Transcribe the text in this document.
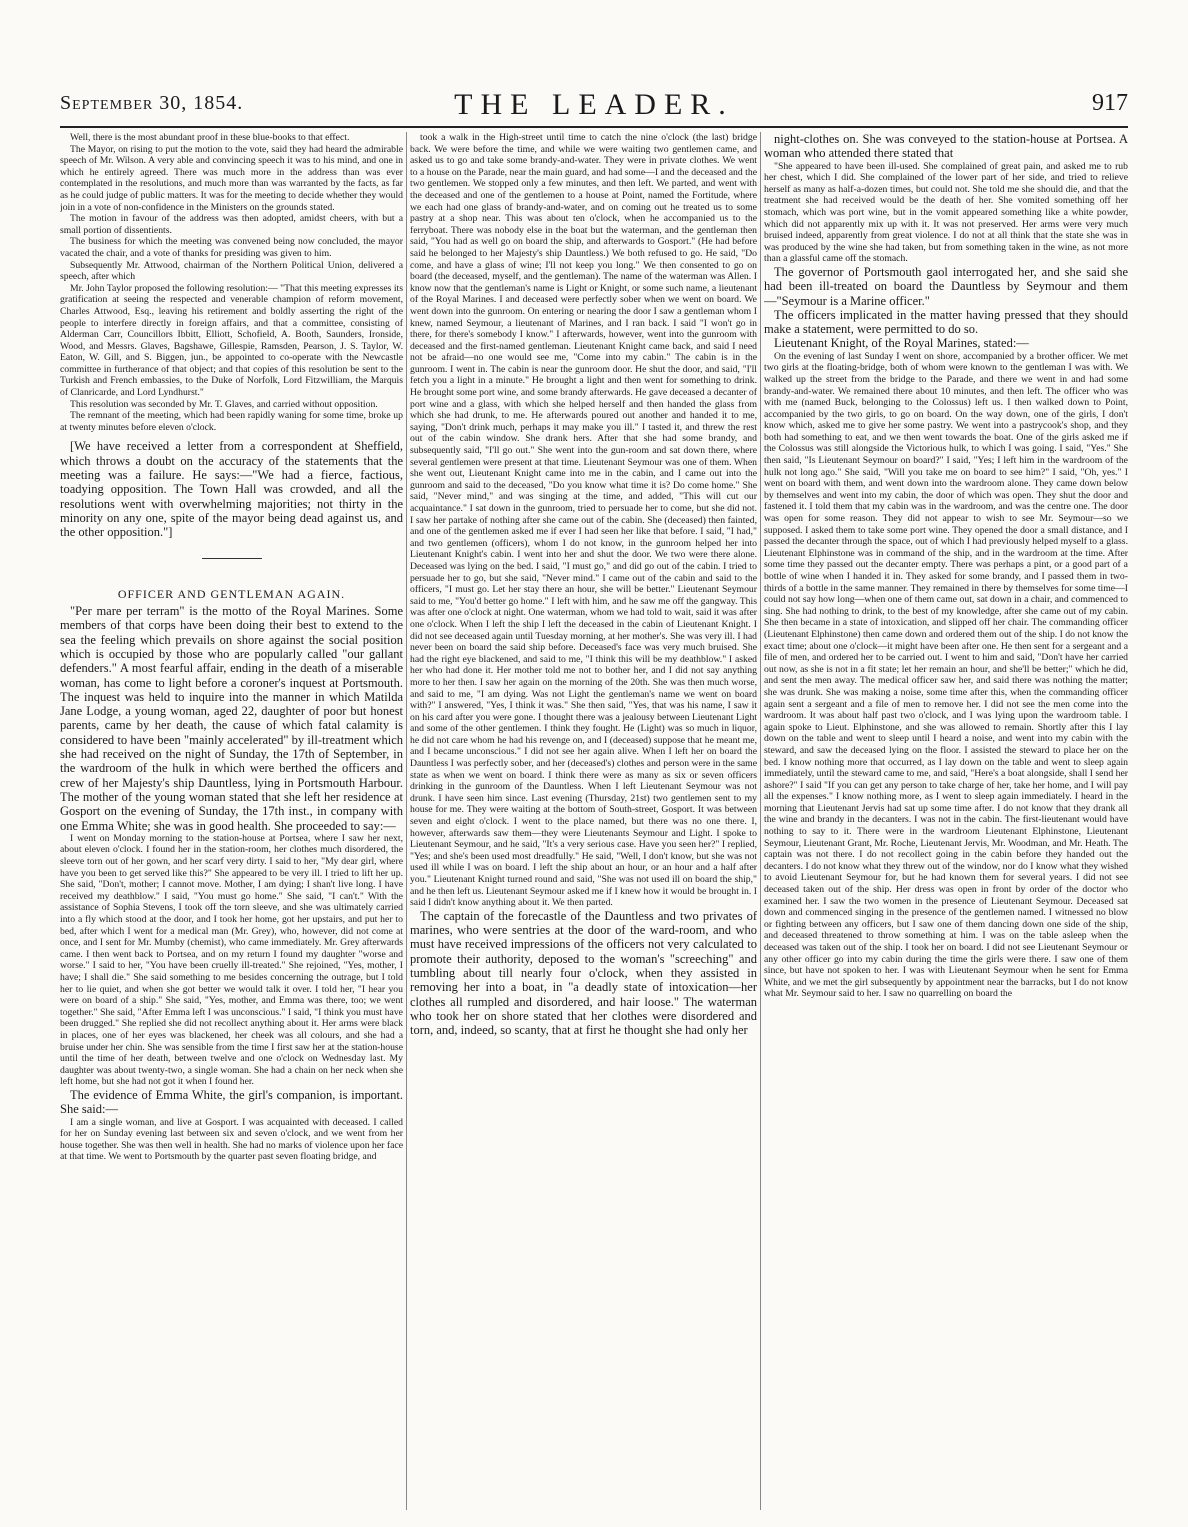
September 30, 1854.	THE LEADER.	917

Well, there is the most abundant proof in these blue-books to that effect.

The Mayor, on rising to put the motion to the vote, said they had heard the admirable speech of Mr. Wilson. A very able and convincing speech it was to his mind, and one in which he entirely agreed. There was much more in the address than was ever contemplated in the resolutions, and much more than was warranted by the facts, as far as he could judge of public matters. It was for the meeting to decide whether they would join in a vote of non-confidence in the Ministers on the grounds stated.

The motion in favour of the address was then adopted, amidst cheers, with but a small portion of dissentients.

The business for which the meeting was convened being now concluded, the mayor vacated the chair, and a vote of thanks for presiding was given to him.

Subsequently Mr. Attwood, chairman of the Northern Political Union, delivered a speech, after which

Mr. John Taylor proposed the following resolution:— "That this meeting expresses its gratification at seeing the respected and venerable champion of reform movement, Charles Attwood, Esq., leaving his retirement and boldly asserting the right of the people to interfere directly in foreign affairs, and that a committee, consisting of Alderman Carr, Councillors Ibbitt, Elliott, Schofield, A. Booth, Saunders, Ironside, Wood, and Messrs. Glaves, Bagshawe, Gillespie, Ramsden, Pearson, J. S. Taylor, W. Eaton, W. Gill, and S. Biggen, jun., be appointed to co-operate with the Newcastle committee in furtherance of that object; and that copies of this resolution be sent to the Turkish and French embassies, to the Duke of Norfolk, Lord Fitzwilliam, the Marquis of Clanricarde, and Lord Lyndhurst."

This resolution was seconded by Mr. T. Glaves, and carried without opposition.

The remnant of the meeting, which had been rapidly waning for some time, broke up at twenty minutes before eleven o'clock.

[We have received a letter from a correspondent at Sheffield, which throws a doubt on the accuracy of the statements that the meeting was a failure. He says:—"We had a fierce, factious, toadying opposition. The Town Hall was crowded, and all the resolutions went with overwhelming majorities; not thirty in the minority on any one, spite of the mayor being dead against us, and the other opposition."]

OFFICER AND GENTLEMAN AGAIN.

"Per mare per terram" is the motto of the Royal Marines. Some members of that corps have been doing their best to extend to the sea the feeling which prevails on shore against the social position which is occupied by those who are popularly called "our gallant defenders." A most fearful affair, ending in the death of a miserable woman, has come to light before a coroner's inquest at Portsmouth. The inquest was held to inquire into the manner in which Matilda Jane Lodge, a young woman, aged 22, daughter of poor but honest parents, came by her death, the cause of which fatal calamity is considered to have been "mainly accelerated" by ill-treatment which she had received on the night of Sunday, the 17th of September, in the wardroom of the hulk in which were berthed the officers and crew of her Majesty's ship Dauntless, lying in Portsmouth Harbour. The mother of the young woman stated that she left her residence at Gosport on the evening of Sunday, the 17th inst., in company with one Emma White; she was in good health. She proceeded to say:—

I went on Monday morning to the station-house at Portsea, where I saw her next, about eleven o'clock. I found her in the station-room, her clothes much disordered, the sleeve torn out of her gown, and her scarf very dirty. I said to her, "My dear girl, where have you been to get served like this?" She appeared to be very ill. I tried to lift her up. She said, "Don't, mother; I cannot move. Mother, I am dying; I shan't live long. I have received my deathblow." I said, "You must go home." She said, "I can't." With the assistance of Sophia Stevens, I took off the torn sleeve, and she was ultimately carried into a fly which stood at the door, and I took her home, got her upstairs, and put her to bed, after which I went for a medical man (Mr. Grey), who, however, did not come at once, and I sent for Mr. Mumby (chemist), who came immediately. Mr. Grey afterwards came. I then went back to Portsea, and on my return I found my daughter "worse and worse." I said to her, "You have been cruelly ill-treated." She rejoined, "Yes, mother, I have; I shall die." She said something to me besides concerning the outrage, but I told her to lie quiet, and when she got better we would talk it over. I told her, "I hear you were on board of a ship." She said, "Yes, mother, and Emma was there, too; we went together." She said, "After Emma left I was unconscious." I said, "I think you must have been drugged." She replied she did not recollect anything about it. Her arms were black in places, one of her eyes was blackened, her cheek was all colours, and she had a bruise under her chin. She was sensible from the time I first saw her at the station-house until the time of her death, between twelve and one o'clock on Wednesday last. My daughter was about twenty-two, a single woman. She had a chain on her neck when she left home, but she had not got it when I found her.

The evidence of Emma White, the girl's companion, is important. She said:—

I am a single woman, and live at Gosport. I was acquainted with deceased. I called for her on Sunday evening last between six and seven o'clock, and we went from her house together. She was then well in health. She had no marks of violence upon her face at that time. We went to Portsmouth by the quarter past seven floating bridge, and

took a walk in the High-street until time to catch the nine o'clock (the last) bridge back. We were before the time, and while we were waiting two gentlemen came, and asked us to go and take some brandy-and-water. They were in private clothes. We went to a house on the Parade, near the main guard, and had some—I and the deceased and the two gentlemen. We stopped only a few minutes, and then left. We parted, and went with the deceased and one of the gentlemen to a house at Point, named the Fortitude, where we each had one glass of brandy-and-water, and on coming out he treated us to some pastry at a shop near. This was about ten o'clock, when he accompanied us to the ferryboat. There was nobody else in the boat but the waterman, and the gentleman then said, "You had as well go on board the ship, and afterwards to Gosport." (He had before said he belonged to her Majesty's ship Dauntless.) We both refused to go. He said, "Do come, and have a glass of wine; I'll not keep you long." We then consented to go on board (the deceased, myself, and the gentleman). The name of the waterman was Allen. I know now that the gentleman's name is Light or Knight, or some such name, a lieutenant of the Royal Marines. I and deceased were perfectly sober when we went on board. We went down into the gunroom. On entering or nearing the door I saw a gentleman whom I knew, named Seymour, a lieutenant of Marines, and I ran back. I said "I won't go in there, for there's somebody I know." I afterwards, however, went into the gunroom with deceased and the first-named gentleman. Lieutenant Knight came back, and said I need not be afraid—no one would see me, "Come into my cabin." The cabin is in the gunroom. I went in. The cabin is near the gunroom door. He shut the door, and said, "I'll fetch you a light in a minute." He brought a light and then went for something to drink. He brought some port wine, and some brandy afterwards. He gave deceased a decanter of port wine and a glass, with which she helped herself and then handed the glass from which she had drunk, to me. He afterwards poured out another and handed it to me, saying, "Don't drink much, perhaps it may make you ill." I tasted it, and threw the rest out of the cabin window. She drank hers. After that she had some brandy, and subsequently said, "I'll go out." She went into the gun-room and sat down there, where several gentlemen were present at that time. Lieutenant Seymour was one of them. When she went out, Lieutenant Knight came into me in the cabin, and I came out into the gunroom and said to the deceased, "Do you know what time it is? Do come home." She said, "Never mind," and was singing at the time, and added, "This will cut our acquaintance." I sat down in the gunroom, tried to persuade her to come, but she did not. I saw her partake of nothing after she came out of the cabin. She (deceased) then fainted, and one of the gentlemen asked me if ever I had seen her like that before. I said, "I had," and two gentlemen (officers), whom I do not know, in the gunroom helped her into Lieutenant Knight's cabin. I went into her and shut the door. We two were there alone. Deceased was lying on the bed. I said, "I must go," and did go out of the cabin. I tried to persuade her to go, but she said, "Never mind." I came out of the cabin and said to the officers, "I must go. Let her stay there an hour, she will be better." Lieutenant Seymour said to me, "You'd better go home." I left with him, and he saw me off the gangway. This was after one o'clock at night. One waterman, whom we had told to wait, said it was after one o'clock. When I left the ship I left the deceased in the cabin of Lieutenant Knight. I did not see deceased again until Tuesday morning, at her mother's. She was very ill. I had never been on board the said ship before. Deceased's face was very much bruised. She had the right eye blackened, and said to me, "I think this will be my deathblow." I asked her who had done it. Her mother told me not to bother her, and I did not say anything more to her then. I saw her again on the morning of the 20th. She was then much worse, and said to me, "I am dying. Was not Light the gentleman's name we went on board with?" I answered, "Yes, I think it was." She then said, "Yes, that was his name, I saw it on his card after you were gone. I thought there was a jealousy between Lieutenant Light and some of the other gentlemen. I think they fought. He (Light) was so much in liquor, he did not care whom he had his revenge on, and I (deceased) suppose that he meant me, and I became unconscious." I did not see her again alive. When I left her on board the Dauntless I was perfectly sober, and her (deceased's) clothes and person were in the same state as when we went on board. I think there were as many as six or seven officers drinking in the gunroom of the Dauntless. When I left Lieutenant Seymour was not drunk. I have seen him since. Last evening (Thursday, 21st) two gentlemen sent to my house for me. They were waiting at the bottom of South-street, Gosport. It was between seven and eight o'clock. I went to the place named, but there was no one there. I, however, afterwards saw them—they were Lieutenants Seymour and Light. I spoke to Lieutenant Seymour, and he said, "It's a very serious case. Have you seen her?" I replied, "Yes; and she's been used most dreadfully." He said, "Well, I don't know, but she was not used ill while I was on board. I left the ship about an hour, or an hour and a half after you." Lieutenant Knight turned round and said, "She was not used ill on board the ship," and he then left us. Lieutenant Seymour asked me if I knew how it would be brought in. I said I didn't know anything about it. We then parted.

The captain of the forecastle of the Dauntless and two privates of marines, who were sentries at the door of the ward-room, and who must have received impressions of the officers not very calculated to promote their authority, deposed to the woman's "screeching" and tumbling about till nearly four o'clock, when they assisted in removing her into a boat, in "a deadly state of intoxication—her clothes all rumpled and disordered, and hair loose." The waterman who took her on shore stated that her clothes were disordered and torn, and, indeed, so scanty, that at first he thought she had only her

night-clothes on. She was conveyed to the station-house at Portsea. A woman who attended there stated that

"She appeared to have been ill-used. She complained of great pain, and asked me to rub her chest, which I did. She complained of the lower part of her side, and tried to relieve herself as many as half-a-dozen times, but could not. She told me she should die, and that the treatment she had received would be the death of her. She vomited something off her stomach, which was port wine, but in the vomit appeared something like a white powder, which did not apparently mix up with it. It was not preserved. Her arms were very much bruised indeed, apparently from great violence. I do not at all think that the state she was in was produced by the wine she had taken, but from something taken in the wine, as not more than a glassful came off the stomach.

The governor of Portsmouth gaol interrogated her, and she said she had been ill-treated on board the Dauntless by Seymour and them—"Seymour is a Marine officer."

The officers implicated in the matter having pressed that they should make a statement, were permitted to do so.

Lieutenant Knight, of the Royal Marines, stated:—

On the evening of last Sunday I went on shore, accompanied by a brother officer. We met two girls at the floating-bridge, both of whom were known to the gentleman I was with. We walked up the street from the bridge to the Parade, and there we went in and had some brandy-and-water. We remained there about 10 minutes, and then left. The officer who was with me (named Buck, belonging to the Colossus) left us. I then walked down to Point, accompanied by the two girls, to go on board. On the way down, one of the girls, I don't know which, asked me to give her some pastry. We went into a pastrycook's shop, and they both had something to eat, and we then went towards the boat. One of the girls asked me if the Colossus was still alongside the Victorious hulk, to which I was going. I said, "Yes." She then said, "Is Lieutenant Seymour on board?" I said, "Yes; I left him in the wardroom of the hulk not long ago." She said, "Will you take me on board to see him?" I said, "Oh, yes." I went on board with them, and went down into the wardroom alone. They came down below by themselves and went into my cabin, the door of which was open. They shut the door and fastened it. I told them that my cabin was in the wardroom, and was the centre one. The door was open for some reason. They did not appear to wish to see Mr. Seymour—so we supposed. I asked them to take some port wine. They opened the door a small distance, and I passed the decanter through the space, out of which I had previously helped myself to a glass. Lieutenant Elphinstone was in command of the ship, and in the wardroom at the time. After some time they passed out the decanter empty. There was perhaps a pint, or a good part of a bottle of wine when I handed it in. They asked for some brandy, and I passed them in two-thirds of a bottle in the same manner. They remained in there by themselves for some time—I could not say how long—when one of them came out, sat down in a chair, and commenced to sing. She had nothing to drink, to the best of my knowledge, after she came out of my cabin. She then became in a state of intoxication, and slipped off her chair. The commanding officer (Lieutenant Elphinstone) then came down and ordered them out of the ship. I do not know the exact time; about one o'clock—it might have been after one. He then sent for a sergeant and a file of men, and ordered her to be carried out. I went to him and said, "Don't have her carried out now, as she is not in a fit state; let her remain an hour, and she'll be better;" which he did, and sent the men away. The medical officer saw her, and said there was nothing the matter; she was drunk. She was making a noise, some time after this, when the commanding officer again sent a sergeant and a file of men to remove her. I did not see the men come into the wardroom. It was about half past two o'clock, and I was lying upon the wardroom table. I again spoke to Lieut. Elphinstone, and she was allowed to remain. Shortly after this I lay down on the table and went to sleep until I heard a noise, and went into my cabin with the steward, and saw the deceased lying on the floor. I assisted the steward to place her on the bed. I know nothing more that occurred, as I lay down on the table and went to sleep again immediately, until the steward came to me, and said, "Here's a boat alongside, shall I send her ashore?" I said "If you can get any person to take charge of her, take her home, and I will pay all the expenses." I know nothing more, as I went to sleep again immediately. I heard in the morning that Lieutenant Jervis had sat up some time after. I do not know that they drank all the wine and brandy in the decanters. I was not in the cabin. The first-lieutenant would have nothing to say to it. There were in the wardroom Lieutenant Elphinstone, Lieutenant Seymour, Lieutenant Grant, Mr. Roche, Lieutenant Jervis, Mr. Woodman, and Mr. Heath. The captain was not there. I do not recollect going in the cabin before they handed out the decanters. I do not know what they threw out of the window, nor do I know what they wished to avoid Lieutenant Seymour for, but he had known them for several years. I did not see deceased taken out of the ship. Her dress was open in front by order of the doctor who examined her. I saw the two women in the presence of Lieutenant Seymour. Deceased sat down and commenced singing in the presence of the gentlemen named. I witnessed no blow or fighting between any officers, but I saw one of them dancing down one side of the ship, and deceased threatened to throw something at him. I was on the table asleep when the deceased was taken out of the ship. I took her on board. I did not see Lieutenant Seymour or any other officer go into my cabin during the time the girls were there. I saw one of them since, but have not spoken to her. I was with Lieutenant Seymour when he sent for Emma White, and we met the girl subsequently by appointment near the barracks, but I do not know what Mr. Seymour said to her. I saw no quarrelling on board the
